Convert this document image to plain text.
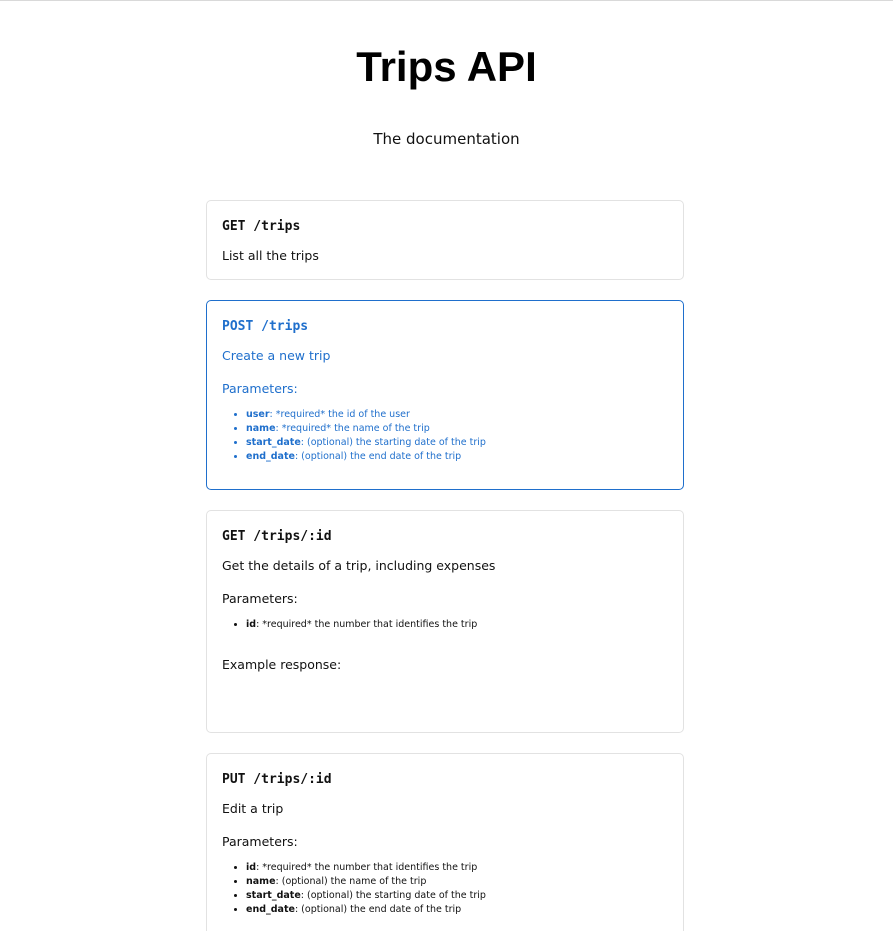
Trips API
The documentation
GET /trips
List all the trips
POST /trips
Create a new trip
Parameters:
• user: *required* the id of the user
• name: *required* the name of the trip
• start_date: (optional) the starting date of the trip
• end_date: (optional) the end date of the trip
GET /trips/:id
Get the details of a trip, including expenses
Parameters:
• id: *required* the number that identifies the trip
Example response:
PUT /trips/:id
Edit a trip
Parameters:
• id: *required* the number that identifies the trip
• name: (optional) the name of the trip
• start_date: (optional) the starting date of the trip
• end_date: (optional) the end date of the trip
